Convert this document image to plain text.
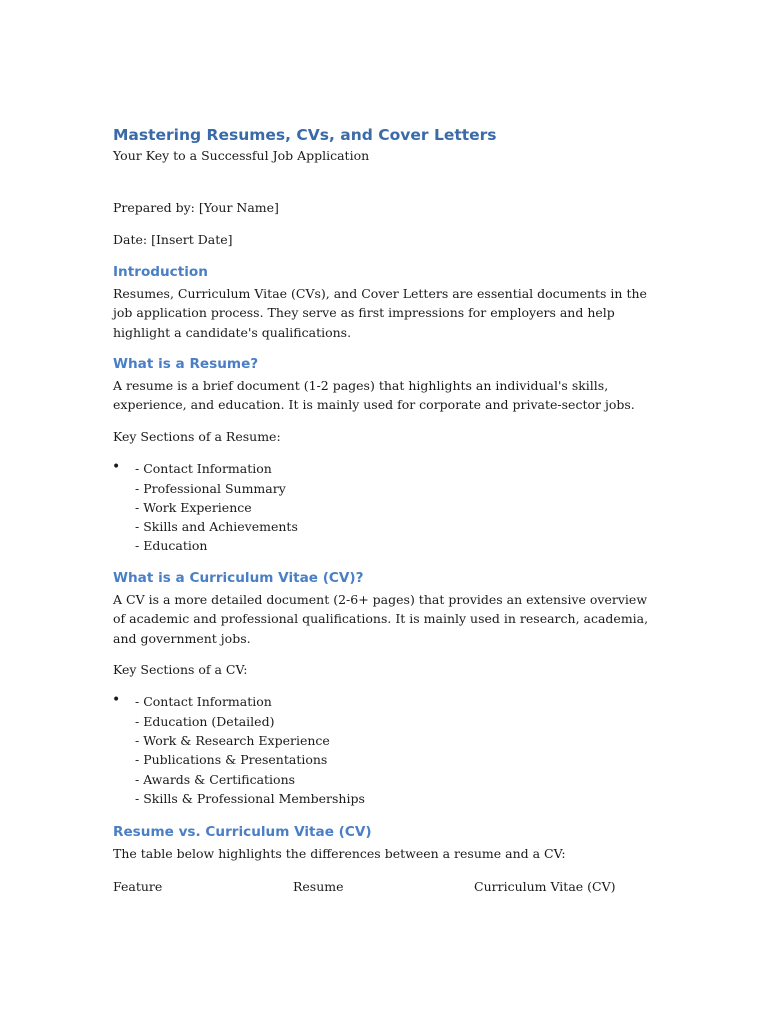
Mastering Resumes, CVs, and Cover Letters

Your Key to a Successful Job Application

Prepared by: [Your Name]

Date: [Insert Date]

Introduction

Resumes, Curriculum Vitae (CVs), and Cover Letters are essential documents in the job application process. They serve as first impressions for employers and help highlight a candidate's qualifications.

What is a Resume?

A resume is a brief document (1-2 pages) that highlights an individual's skills, experience, and education. It is mainly used for corporate and private-sector jobs.

Key Sections of a Resume:

• - Contact Information
- Professional Summary
- Work Experience
- Skills and Achievements
- Education
What is a Curriculum Vitae (CV)?

A CV is a more detailed document (2-6+ pages) that provides an extensive overview of academic and professional qualifications. It is mainly used in research, academia, and government jobs.

Key Sections of a CV:

• - Contact Information
- Education (Detailed)
- Work & Research Experience
- Publications & Presentations
- Awards & Certifications
- Skills & Professional Memberships
Resume vs. Curriculum Vitae (CV)

The table below highlights the differences between a resume and a CV:

Feature	Resume	Curriculum Vitae (CV)
